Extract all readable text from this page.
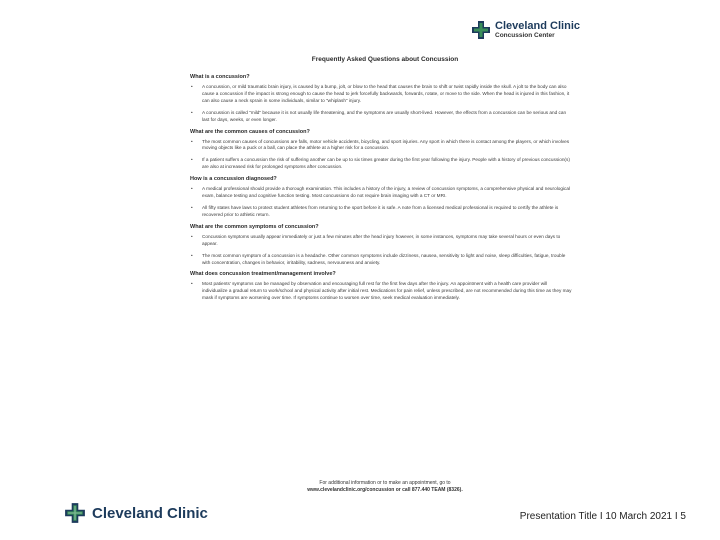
Cleveland Clinic
Concussion Center
Frequently Asked Questions about Concussion
What is a concussion?
• A concussion, or mild traumatic brain injury, is caused by a bump, jolt, or blow to the head that causes the brain to shift or twist rapidly inside the skull. A jolt to the body can also cause a concussion if the impact is strong enough to cause the head to jerk forcefully backwards, forwards, rotate, or move to the side. When the head is injured in this fashion, it can also cause a neck sprain in some individuals, similar to "whiplash" injury.
• A concussion is called "mild" because it is not usually life threatening, and the symptoms are usually short-lived. However, the effects from a concussion can be serious and can last for days, weeks, or even longer.
What are the common causes of concussion?
• The most common causes of concussions are falls, motor vehicle accidents, bicycling, and sport injuries. Any sport in which there is contact among the players, or which involves moving objects like a puck or a ball, can place the athlete at a higher risk for a concussion.
• If a patient suffers a concussion the risk of suffering another can be up to six times greater during the first year following the injury. People with a history of previous concussion(s) are also at increased risk for prolonged symptoms after concussion.
How is a concussion diagnosed?
• A medical professional should provide a thorough examination. This includes a history of the injury, a review of concussion symptoms, a comprehensive physical and neurological exam, balance testing and cognitive function testing. Most concussions do not require brain imaging with a CT or MRI.
• All fifty states have laws to protect student athletes from returning to the sport before it is safe. A note from a licensed medical professional is required to certify the athlete is recovered prior to athletic return.
What are the common symptoms of concussion?
• Concussion symptoms usually appear immediately or just a few minutes after the head injury however, in some instances, symptoms may take several hours or even days to appear.
• The most common symptom of a concussion is a headache. Other common symptoms include dizziness, nausea, sensitivity to light and noise, sleep difficulties, fatigue, trouble with concentration, changes in behavior, irritability, sadness, nervousness and anxiety.
What does concussion treatment/management involve?
• Most patients' symptoms can be managed by observation and encouraging full rest for the first few days after the injury. An appointment with a health care provider will individualize a gradual return to work/school and physical activity after initial rest. Medications for pain relief, unless prescribed, are not recommended during this time as they may mask if symptoms are worsening over time. If symptoms continue to worsen over time, seek medical evaluation immediately.
For additional information or to make an appointment, go to
www.clevelandclinic.org/concussion or call 877.440 TEAM (8326).
Cleveland Clinic	Presentation Title I 10 March 2021 I 5
